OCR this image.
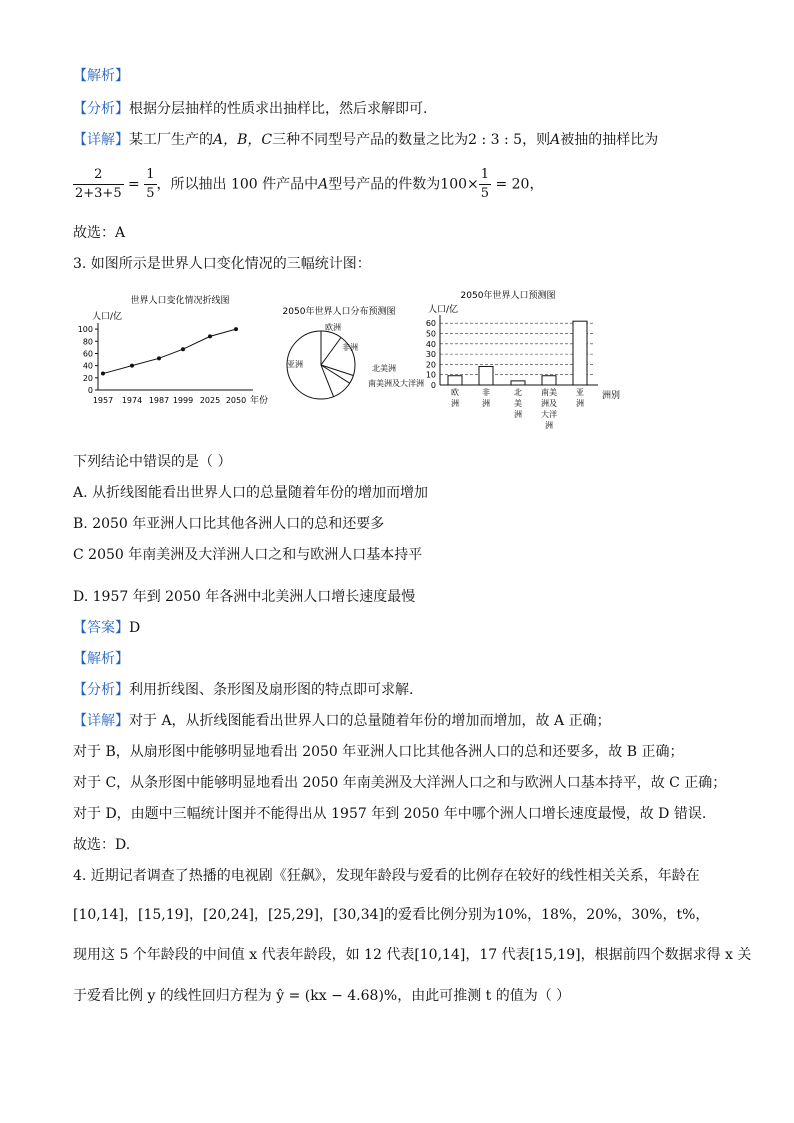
【解析】
【分析】根据分层抽样的性质求出抽样比，然后求解即可.
【详解】某工厂生产的A，B，C三种不同型号产品的数量之比为2 : 3 : 5，则A被抽的抽样比为
$\frac{2}{2+3+5} = \frac{1}{5}$ ，所以抽出 100 件产品中A型号产品的件数为$100\times \frac{1}{5} = 20$，
故选：A
3. 如图所示是世界人口变化情况的三幅统计图：
世界人口变化情况折线图
人口/亿
年份
0
20
40
60
80
100
1957 1974 1987 1999 2025 2050
2050年世界人口分布预测图
欧洲
非洲
北美洲
南美洲及大洋洲
亚洲
2050年世界人口预测图
人口/亿
0
10
20
30
40
50
60
洲别
欧洲
非洲
北美洲
南美洲及大洋洲
亚洲
下列结论中错误的是（ ）
A. 从折线图能看出世界人口的总量随着年份的增加而增加
B. 2050 年亚洲人口比其他各洲人口的总和还要多
C 2050 年南美洲及大洋洲人口之和与欧洲人口基本持平
D. 1957 年到 2050 年各洲中北美洲人口增长速度最慢
【答案】D
【解析】
【分析】利用折线图、条形图及扇形图的特点即可求解.
【详解】对于 A，从折线图能看出世界人口的总量随着年份的增加而增加，故 A 正确；
对于 B，从扇形图中能够明显地看出 2050 年亚洲人口比其他各洲人口的总和还要多，故 B 正确；
对于 C，从条形图中能够明显地看出 2050 年南美洲及大洋洲人口之和与欧洲人口基本持平，故 C 正确；
对于 D，由题中三幅统计图并不能得出从 1957 年到 2050 年中哪个洲人口增长速度最慢，故 D 错误.
故选：D.
4. 近期记者调查了热播的电视剧《狂飙》，发现年龄段与爱看的比例存在较好的线性相关关系，年龄在
[10,14]，[15,19]，[20,24]，[25,29]，[30,34]的爱看比例分别为10%，18%，20%，30%，t%，
现用这 5 个年龄段的中间值 x 代表年龄段，如 12 代表[10,14]，17 代表[15,19]，根据前四个数据求得 x 关
于爱看比例 y 的线性回归方程为 ŷ = (kx − 4.68)%，由此可推测 t 的值为（ ）
